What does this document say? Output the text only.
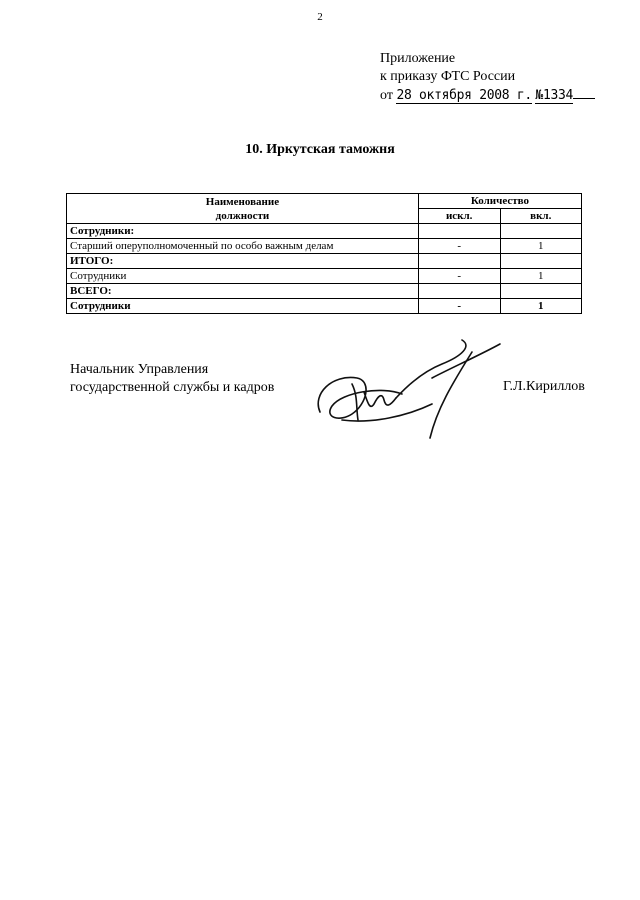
2
Приложение
к приказу ФТС России
от 28 октября 2008 г. №1334
10. Иркутская таможня
Наименование
должности	Количество	
	искл.	вкл.
Сотрудники:		
Старший оперуполномоченный по особо важным делам	-	1
ИТОГО:		
Сотрудники	-	1
ВСЕГО:		
Сотрудники	-	1
Начальник Управления
государственной службы и кадров	Г.Л.Кириллов
